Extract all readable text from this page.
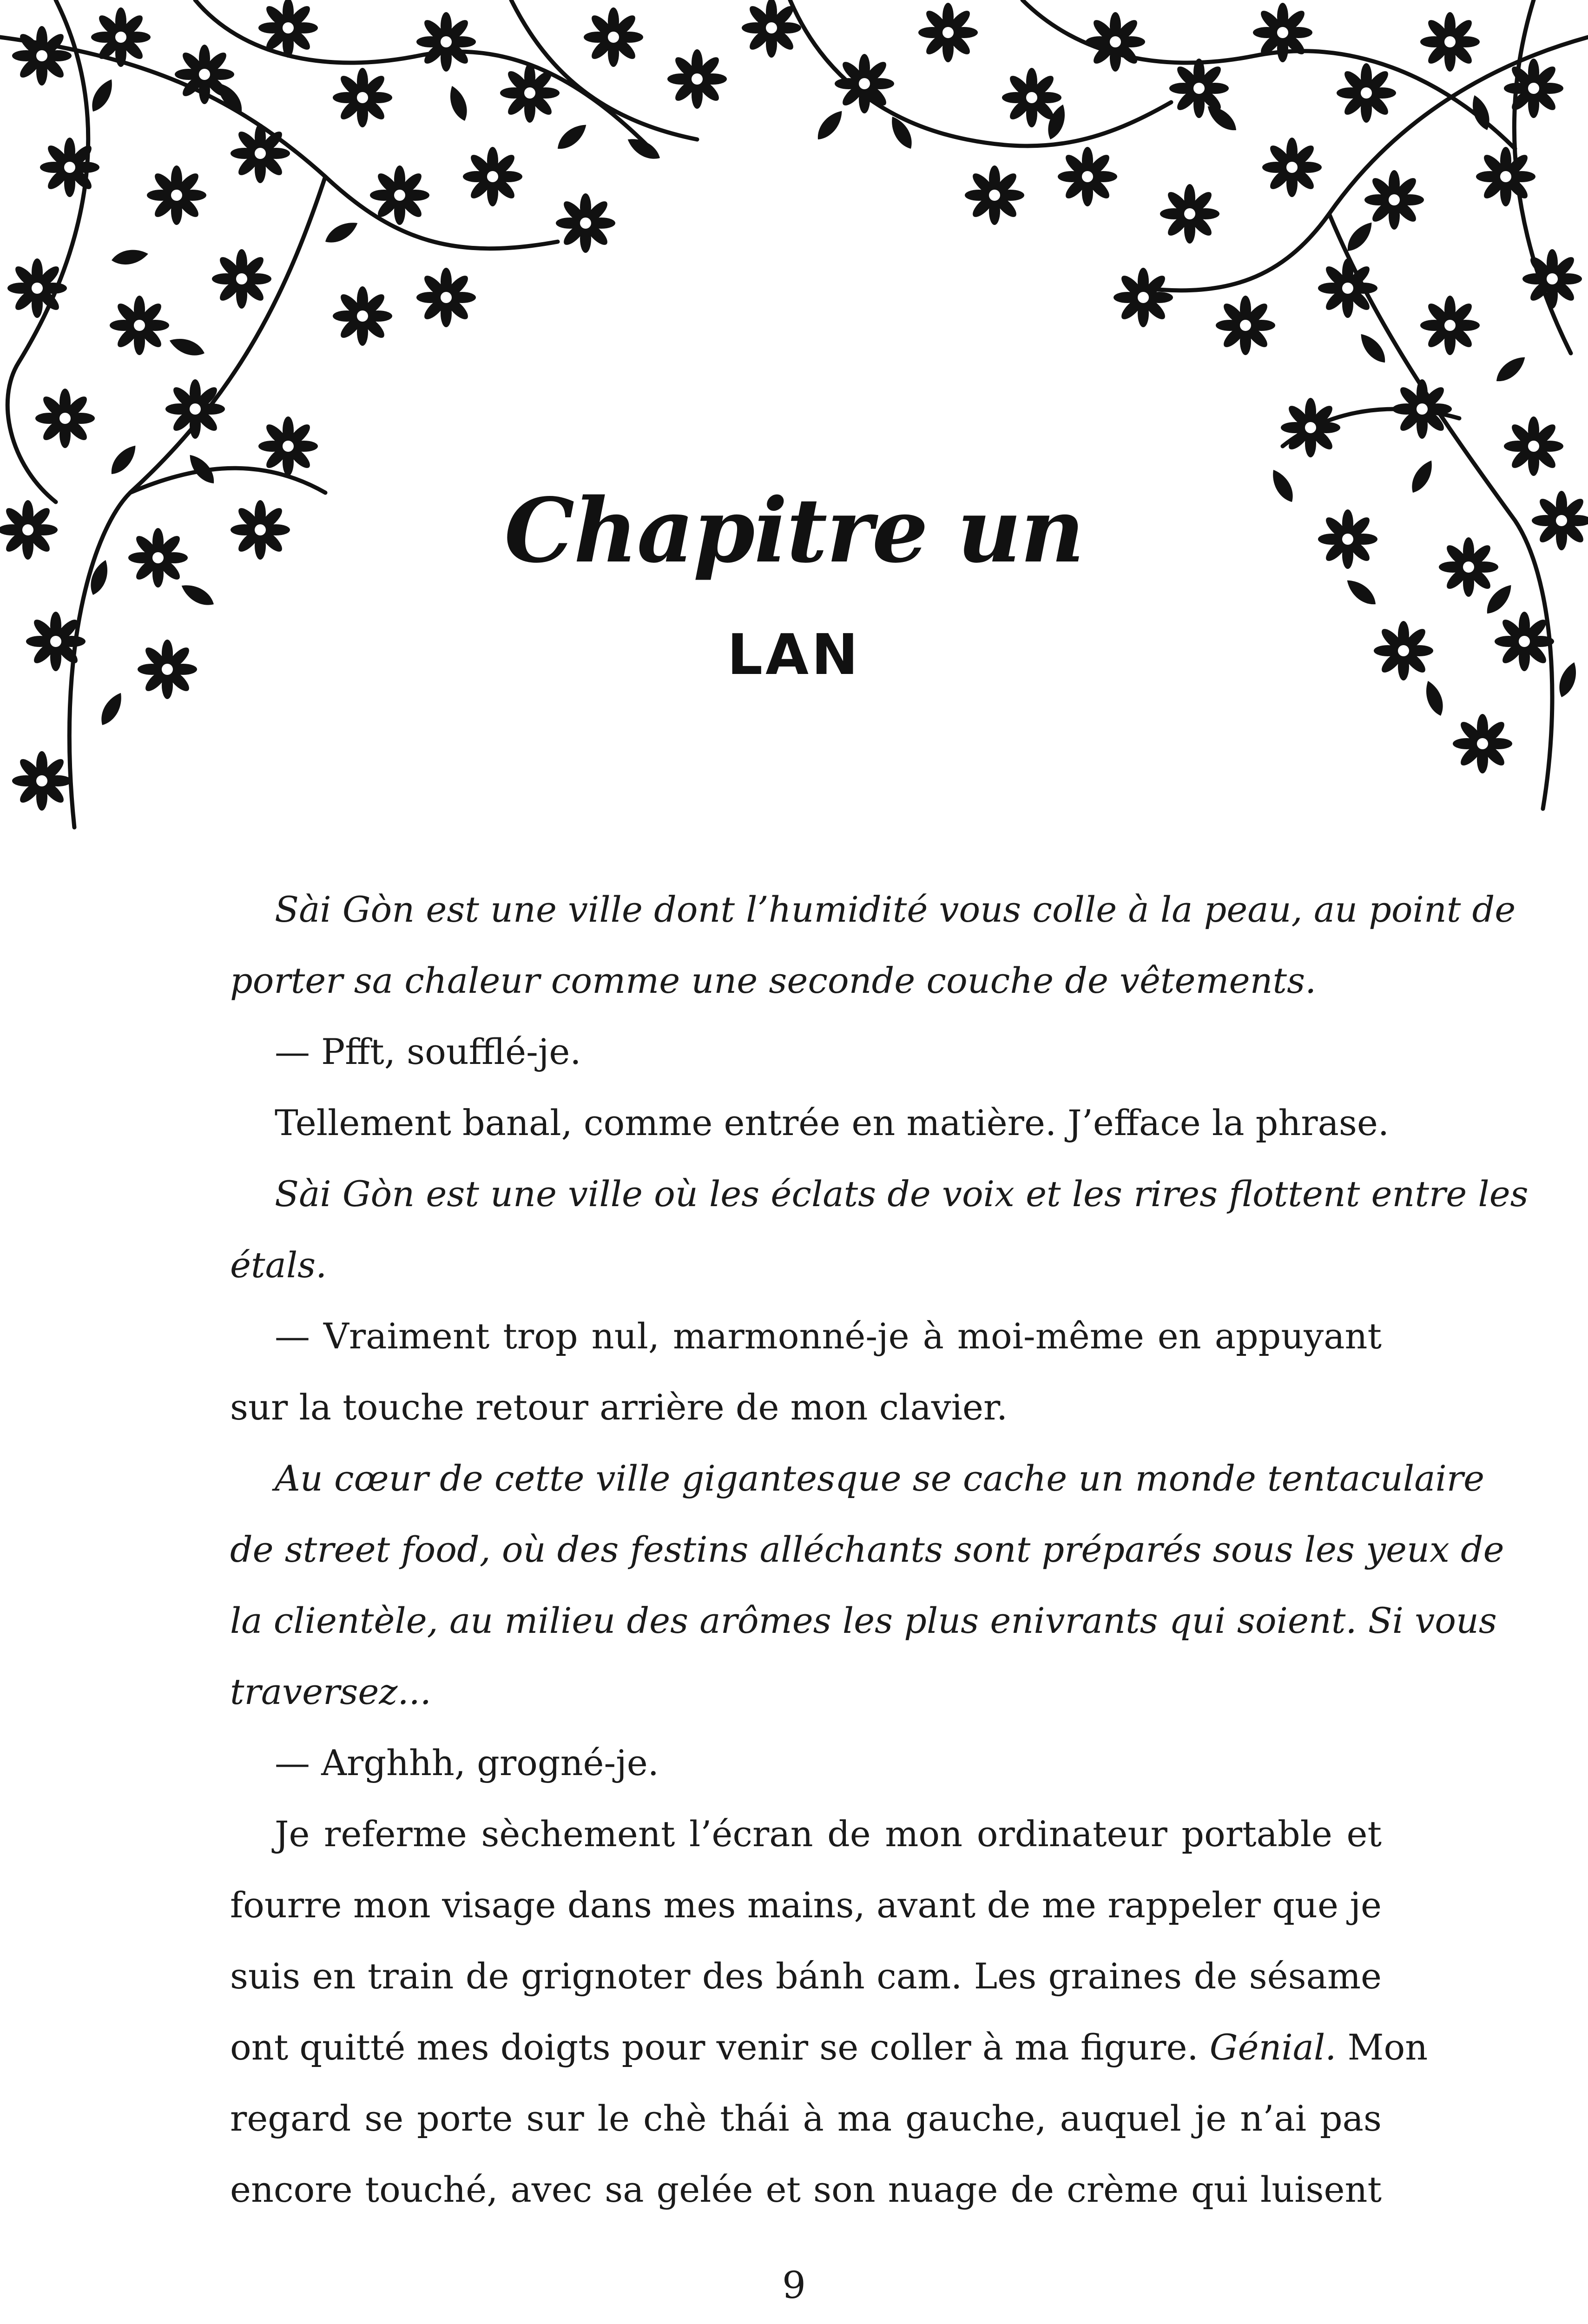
Chapitre un
LAN
Sài Gòn est une ville dont l’humidité vous colle à la peau, au point de
porter sa chaleur comme une seconde couche de vêtements.
— Pfft, soufflé-je.
Tellement banal, comme entrée en matière. J’efface la phrase.
Sài Gòn est une ville où les éclats de voix et les rires flottent entre les
étals.
— Vraiment trop nul, marmonné-je à moi-même en appuyant
sur la touche retour arrière de mon clavier.
Au cœur de cette ville gigantesque se cache un monde tentaculaire
de street food, où des festins alléchants sont préparés sous les yeux de
la clientèle, au milieu des arômes les plus enivrants qui soient. Si vous
traversez...
— Arghhh, grogné-je.
Je referme sèchement l’écran de mon ordinateur portable et
fourre mon visage dans mes mains, avant de me rappeler que je
suis en train de grignoter des bánh cam. Les graines de sésame
ont quitté mes doigts pour venir se coller à ma figure. Génial. Mon
regard se porte sur le chè thái à ma gauche, auquel je n’ai pas
encore touché, avec sa gelée et son nuage de crème qui luisent
9
